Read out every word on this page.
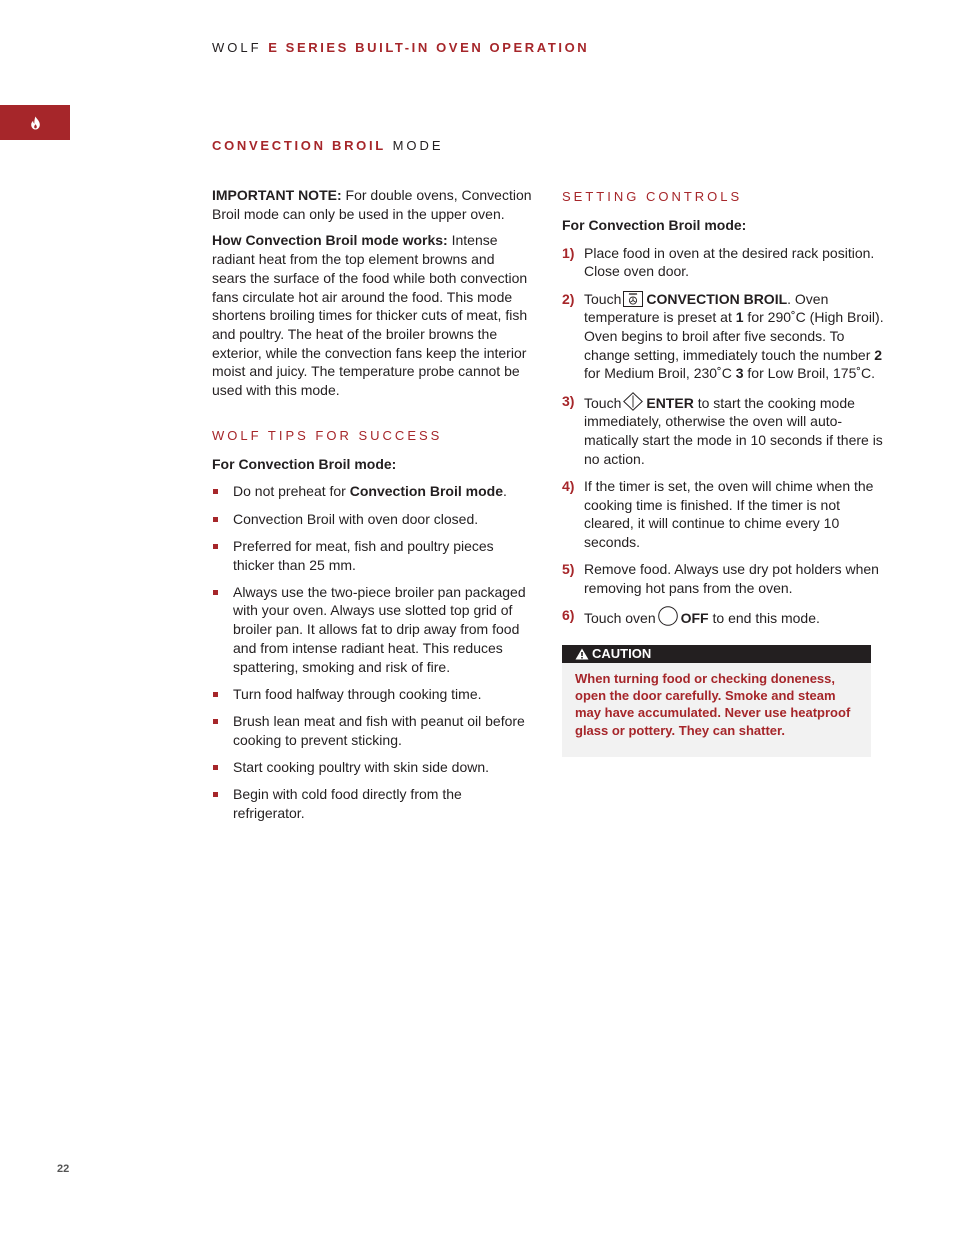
WOLF E SERIES BUILT-IN OVEN OPERATION
CONVECTION BROIL MODE

IMPORTANT NOTE: For double ovens, Convection Broil mode can only be used in the upper oven.

How Convection Broil mode works: Intense radiant heat from the top element browns and sears the surface of the food while both convection fans circulate hot air around the food. This mode shortens broiling times for thicker cuts of meat, fish and poultry. The heat of the broiler browns the exterior, while the convection fans keep the interior moist and juicy. The temperature probe cannot be used with this mode.

WOLF TIPS FOR SUCCESS
For Convection Broil mode:
Do not preheat for Convection Broil mode.
Convection Broil with oven door closed.
Preferred for meat, fish and poultry pieces thicker than 25 mm.
Always use the two-piece broiler pan packaged with your oven. Always use slotted top grid of broiler pan. It allows fat to drip away from food and from intense radiant heat. This reduces spattering, smoking and risk of fire.
Turn food halfway through cooking time.
Brush lean meat and fish with peanut oil before cooking to prevent sticking.
Start cooking poultry with skin side down.
Begin with cold food directly from the refrigerator.
SETTING CONTROLS
For Convection Broil mode:
1) Place food in oven at the desired rack position. Close oven door.
2) Touch CONVECTION BROIL. Oven temperature is preset at 1 for 290˚C (High Broil). Oven begins to broil after five seconds. To change setting, immediately touch the number 2 for Medium Broil, 230˚C 3 for Low Broil, 175˚C.
3) Touch ENTER to start the cooking mode immediately, otherwise the oven will auto-matically start the mode in 10 seconds if there is no action.
4) If the timer is set, the oven will chime when the cooking time is finished. If the timer is not cleared, it will continue to chime every 10 seconds.
5) Remove food. Always use dry pot holders when removing hot pans from the oven.
6) Touch oven OFF to end this mode.
CAUTION
When turning food or checking doneness, open the door carefully. Smoke and steam may have accumulated. Never use heatproof glass or pottery. They can shatter.
22
